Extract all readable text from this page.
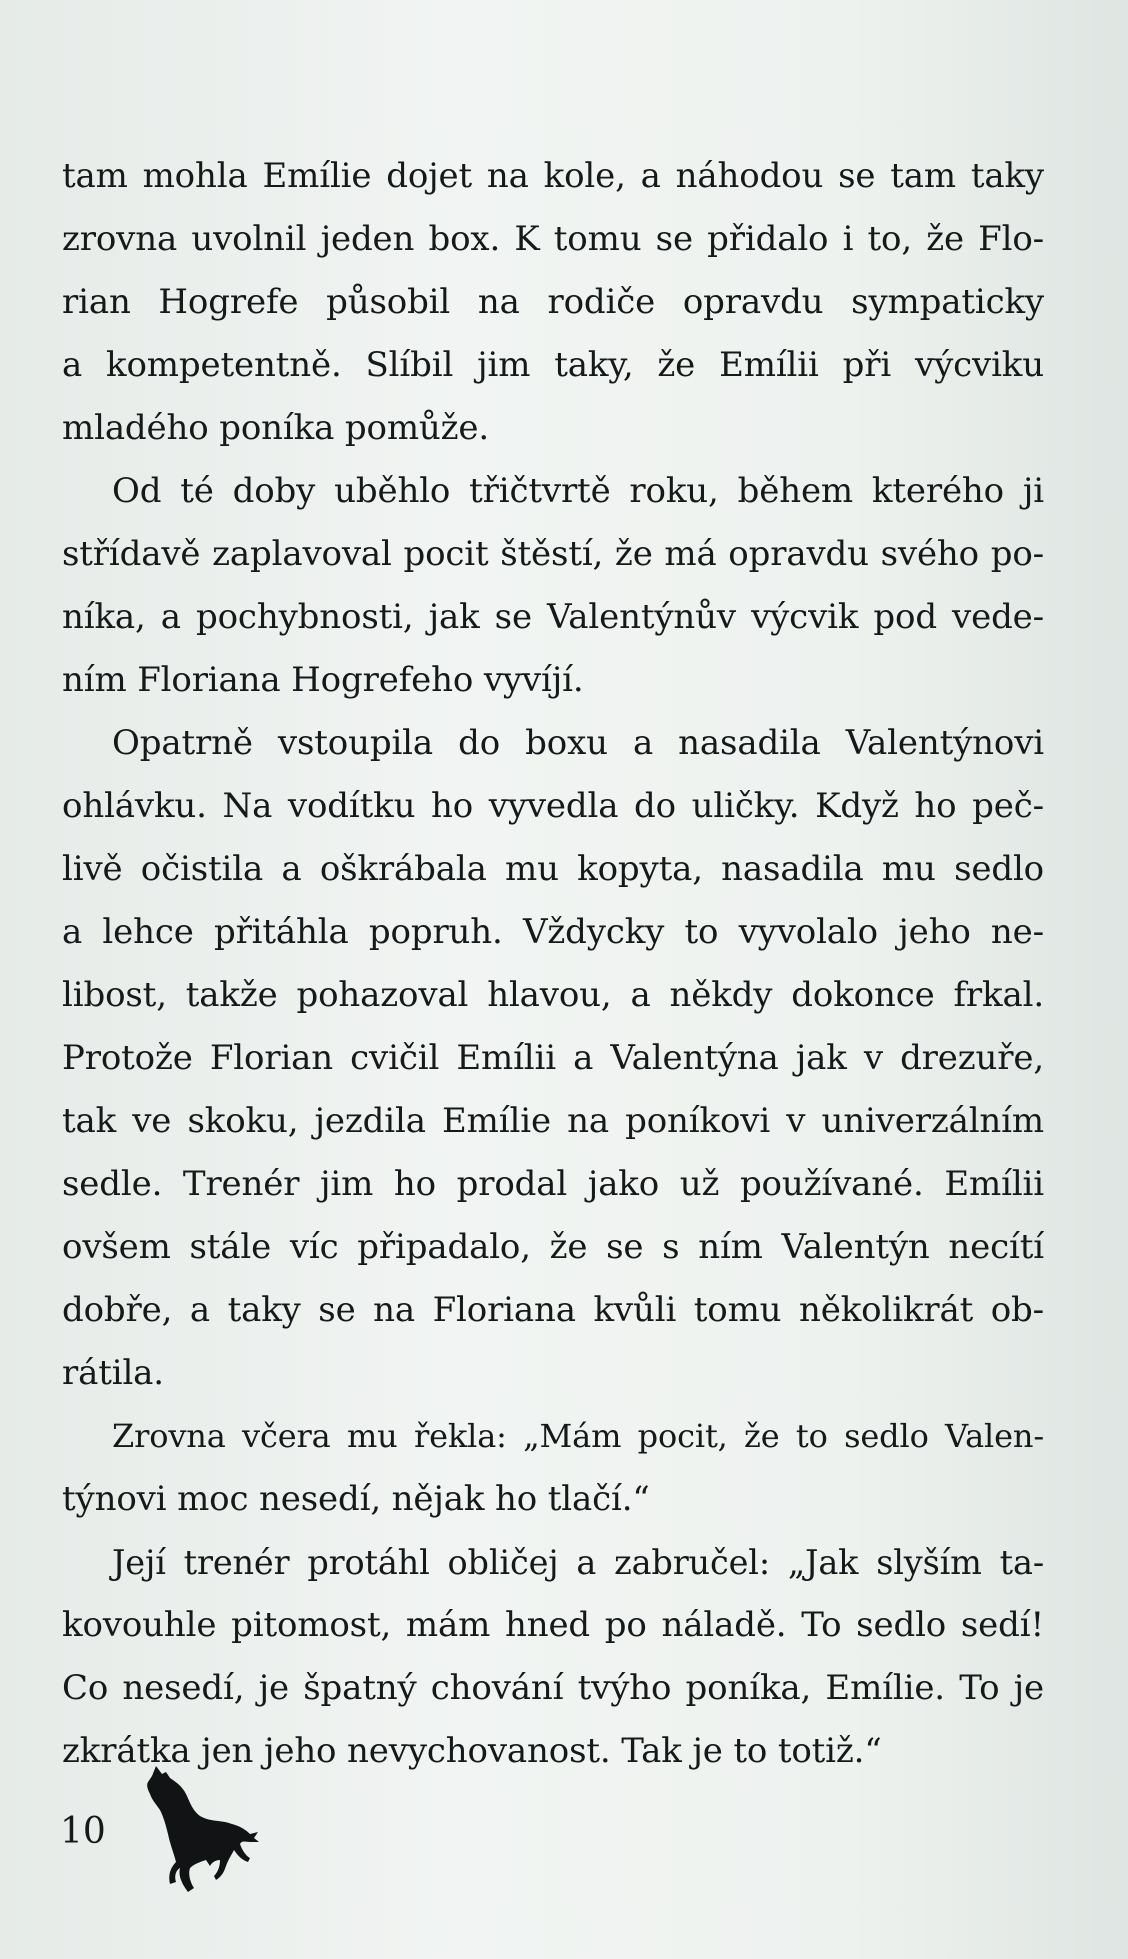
tam mohla Emílie dojet na kole, a náhodou se tam taky
zrovna uvolnil jeden box. K tomu se přidalo i to, že Flo-
rian Hogrefe působil na rodiče opravdu sympaticky
a kompetentně. Slíbil jim taky, že Emílii při výcviku
mladého poníka pomůže.
Od té doby uběhlo třičtvrtě roku, během kterého ji
střídavě zaplavoval pocit štěstí, že má opravdu svého po-
níka, a pochybnosti, jak se Valentýnův výcvik pod vede-
ním Floriana Hogrefeho vyvíjí.
Opatrně vstoupila do boxu a nasadila Valentýnovi
ohlávku. Na vodítku ho vyvedla do uličky. Když ho peč-
livě očistila a oškrábala mu kopyta, nasadila mu sedlo
a lehce přitáhla popruh. Vždycky to vyvolalo jeho ne-
libost, takže pohazoval hlavou, a někdy dokonce frkal.
Protože Florian cvičil Emílii a Valentýna jak v drezuře,
tak ve skoku, jezdila Emílie na poníkovi v univerzálním
sedle. Trenér jim ho prodal jako už používané. Emílii
ovšem stále víc připadalo, že se s ním Valentýn necítí
dobře, a taky se na Floriana kvůli tomu několikrát ob-
rátila.
Zrovna včera mu řekla: „Mám pocit, že to sedlo Valen-
týnovi moc nesedí, nějak ho tlačí.“
Její trenér protáhl obličej a zabručel: „Jak slyším ta-
kovouhle pitomost, mám hned po náladě. To sedlo sedí!
Co nesedí, je špatný chování tvýho poníka, Emílie. To je
zkrátka jen jeho nevychovanost. Tak je to totiž.“
10
